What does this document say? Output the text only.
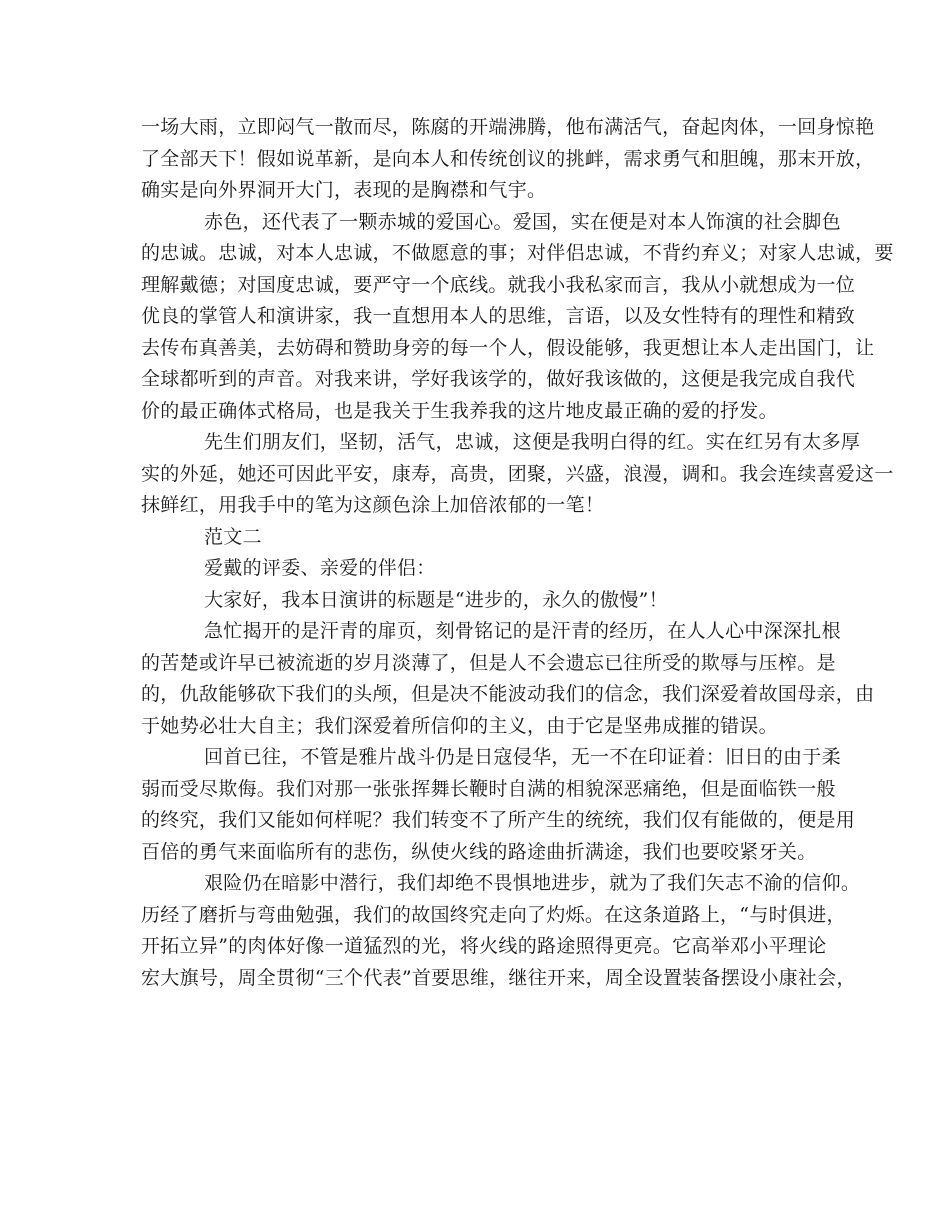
一场大雨，立即闷气一散而尽，陈腐的开端沸腾，他布满活气，奋起肉体，一回身惊艳
了全部天下！假如说革新，是向本人和传统创议的挑衅，需求勇气和胆魄，那末开放，
确实是向外界洞开大门，表现的是胸襟和气宇。
赤色，还代表了一颗赤城的爱国心。爱国，实在便是对本人饰演的社会脚色
的忠诚。忠诚，对本人忠诚，不做愿意的事；对伴侣忠诚，不背约弃义；对家人忠诚，要
理解戴德；对国度忠诚，要严守一个底线。就我小我私家而言，我从小就想成为一位
优良的掌管人和演讲家，我一直想用本人的思维，言语，以及女性特有的理性和精致
去传布真善美，去妨碍和赞助身旁的每一个人，假设能够，我更想让本人走出国门，让
全球都听到的声音。对我来讲，学好我该学的，做好我该做的，这便是我完成自我代
价的最正确体式格局，也是我关于生我养我的这片地皮最正确的爱的抒发。
先生们朋友们，坚韧，活气，忠诚，这便是我明白得的红。实在红另有太多厚
实的外延，她还可因此平安，康寿，高贵，团聚，兴盛，浪漫，调和。我会连续喜爱这一
抹鲜红，用我手中的笔为这颜色涂上加倍浓郁的一笔！
范文二
爱戴的评委、亲爱的伴侣：
大家好，我本日演讲的标题是“进步的，永久的傲慢”！
急忙揭开的是汗青的扉页，刻骨铭记的是汗青的经历，在人人心中深深扎根
的苦楚或许早已被流逝的岁月淡薄了，但是人不会遗忘已往所受的欺辱与压榨。是
的，仇敌能够砍下我们的头颅，但是决不能波动我们的信念，我们深爱着故国母亲，由
于她势必壮大自主；我们深爱着所信仰的主义，由于它是坚弗成摧的错误。
回首已往，不管是雅片战斗仍是日寇侵华，无一不在印证着：旧日的由于柔
弱而受尽欺侮。我们对那一张张挥舞长鞭时自满的相貌深恶痛绝，但是面临铁一般
的终究，我们又能如何样呢？我们转变不了所产生的统统，我们仅有能做的，便是用
百倍的勇气来面临所有的悲伤，纵使火线的路途曲折满途，我们也要咬紧牙关。
艰险仍在暗影中潜行，我们却绝不畏惧地进步，就为了我们矢志不渝的信仰。
历经了磨折与弯曲勉强，我们的故国终究走向了灼烁。在这条道路上，“与时俱进，
开拓立异”的肉体好像一道猛烈的光，将火线的路途照得更亮。它高举邓小平理论
宏大旗号，周全贯彻“三个代表”首要思维，继往开来，周全设置装备摆设小康社会，
